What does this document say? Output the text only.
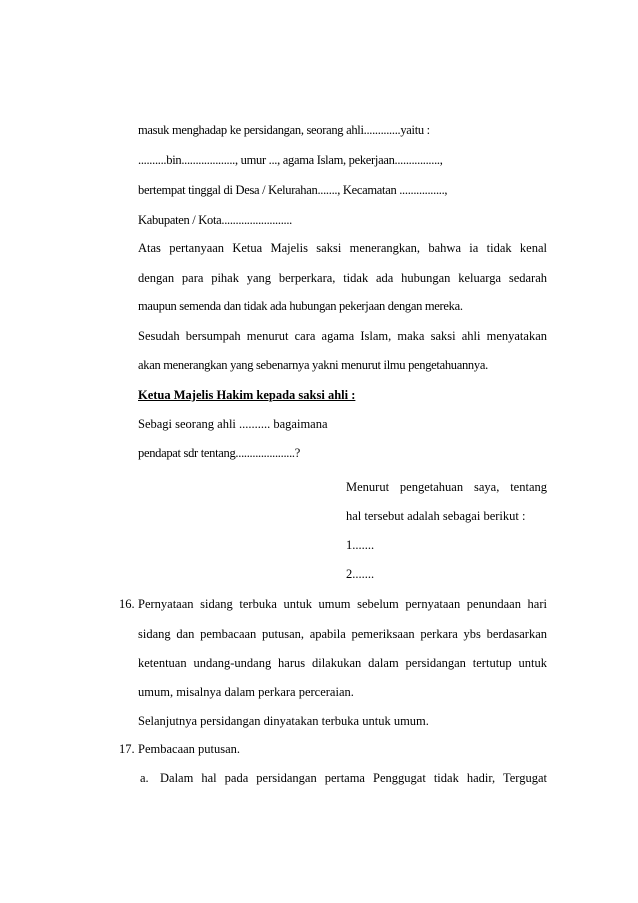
masuk menghadap ke persidangan, seorang ahli.............yaitu :
..........bin..................., umur ..., agama Islam, pekerjaan................,
bertempat tinggal di Desa / Kelurahan......., Kecamatan ................,
Kabupaten / Kota.........................
Atas pertanyaan Ketua Majelis saksi menerangkan, bahwa ia tidak kenal
dengan para pihak yang berperkara, tidak ada hubungan keluarga sedarah
maupun semenda dan tidak ada hubungan pekerjaan dengan mereka.
Sesudah bersumpah menurut cara agama Islam, maka saksi ahli menyatakan
akan menerangkan yang sebenarnya yakni menurut ilmu pengetahuannya.
Ketua Majelis Hakim kepada saksi ahli :
Sebagi seorang ahli .......... bagaimana
pendapat sdr tentang.....................?
Menurut pengetahuan saya, tentang
hal tersebut adalah sebagai berikut :
1.......
2.......
16. Pernyataan sidang terbuka untuk umum sebelum pernyataan penundaan hari
sidang dan pembacaan putusan, apabila pemeriksaan perkara ybs berdasarkan
ketentuan undang-undang harus dilakukan dalam persidangan tertutup untuk
umum, misalnya dalam perkara perceraian.
Selanjutnya persidangan dinyatakan terbuka untuk umum.
17. Pembacaan putusan.
a. Dalam hal pada persidangan pertama Penggugat tidak hadir, Tergugat
